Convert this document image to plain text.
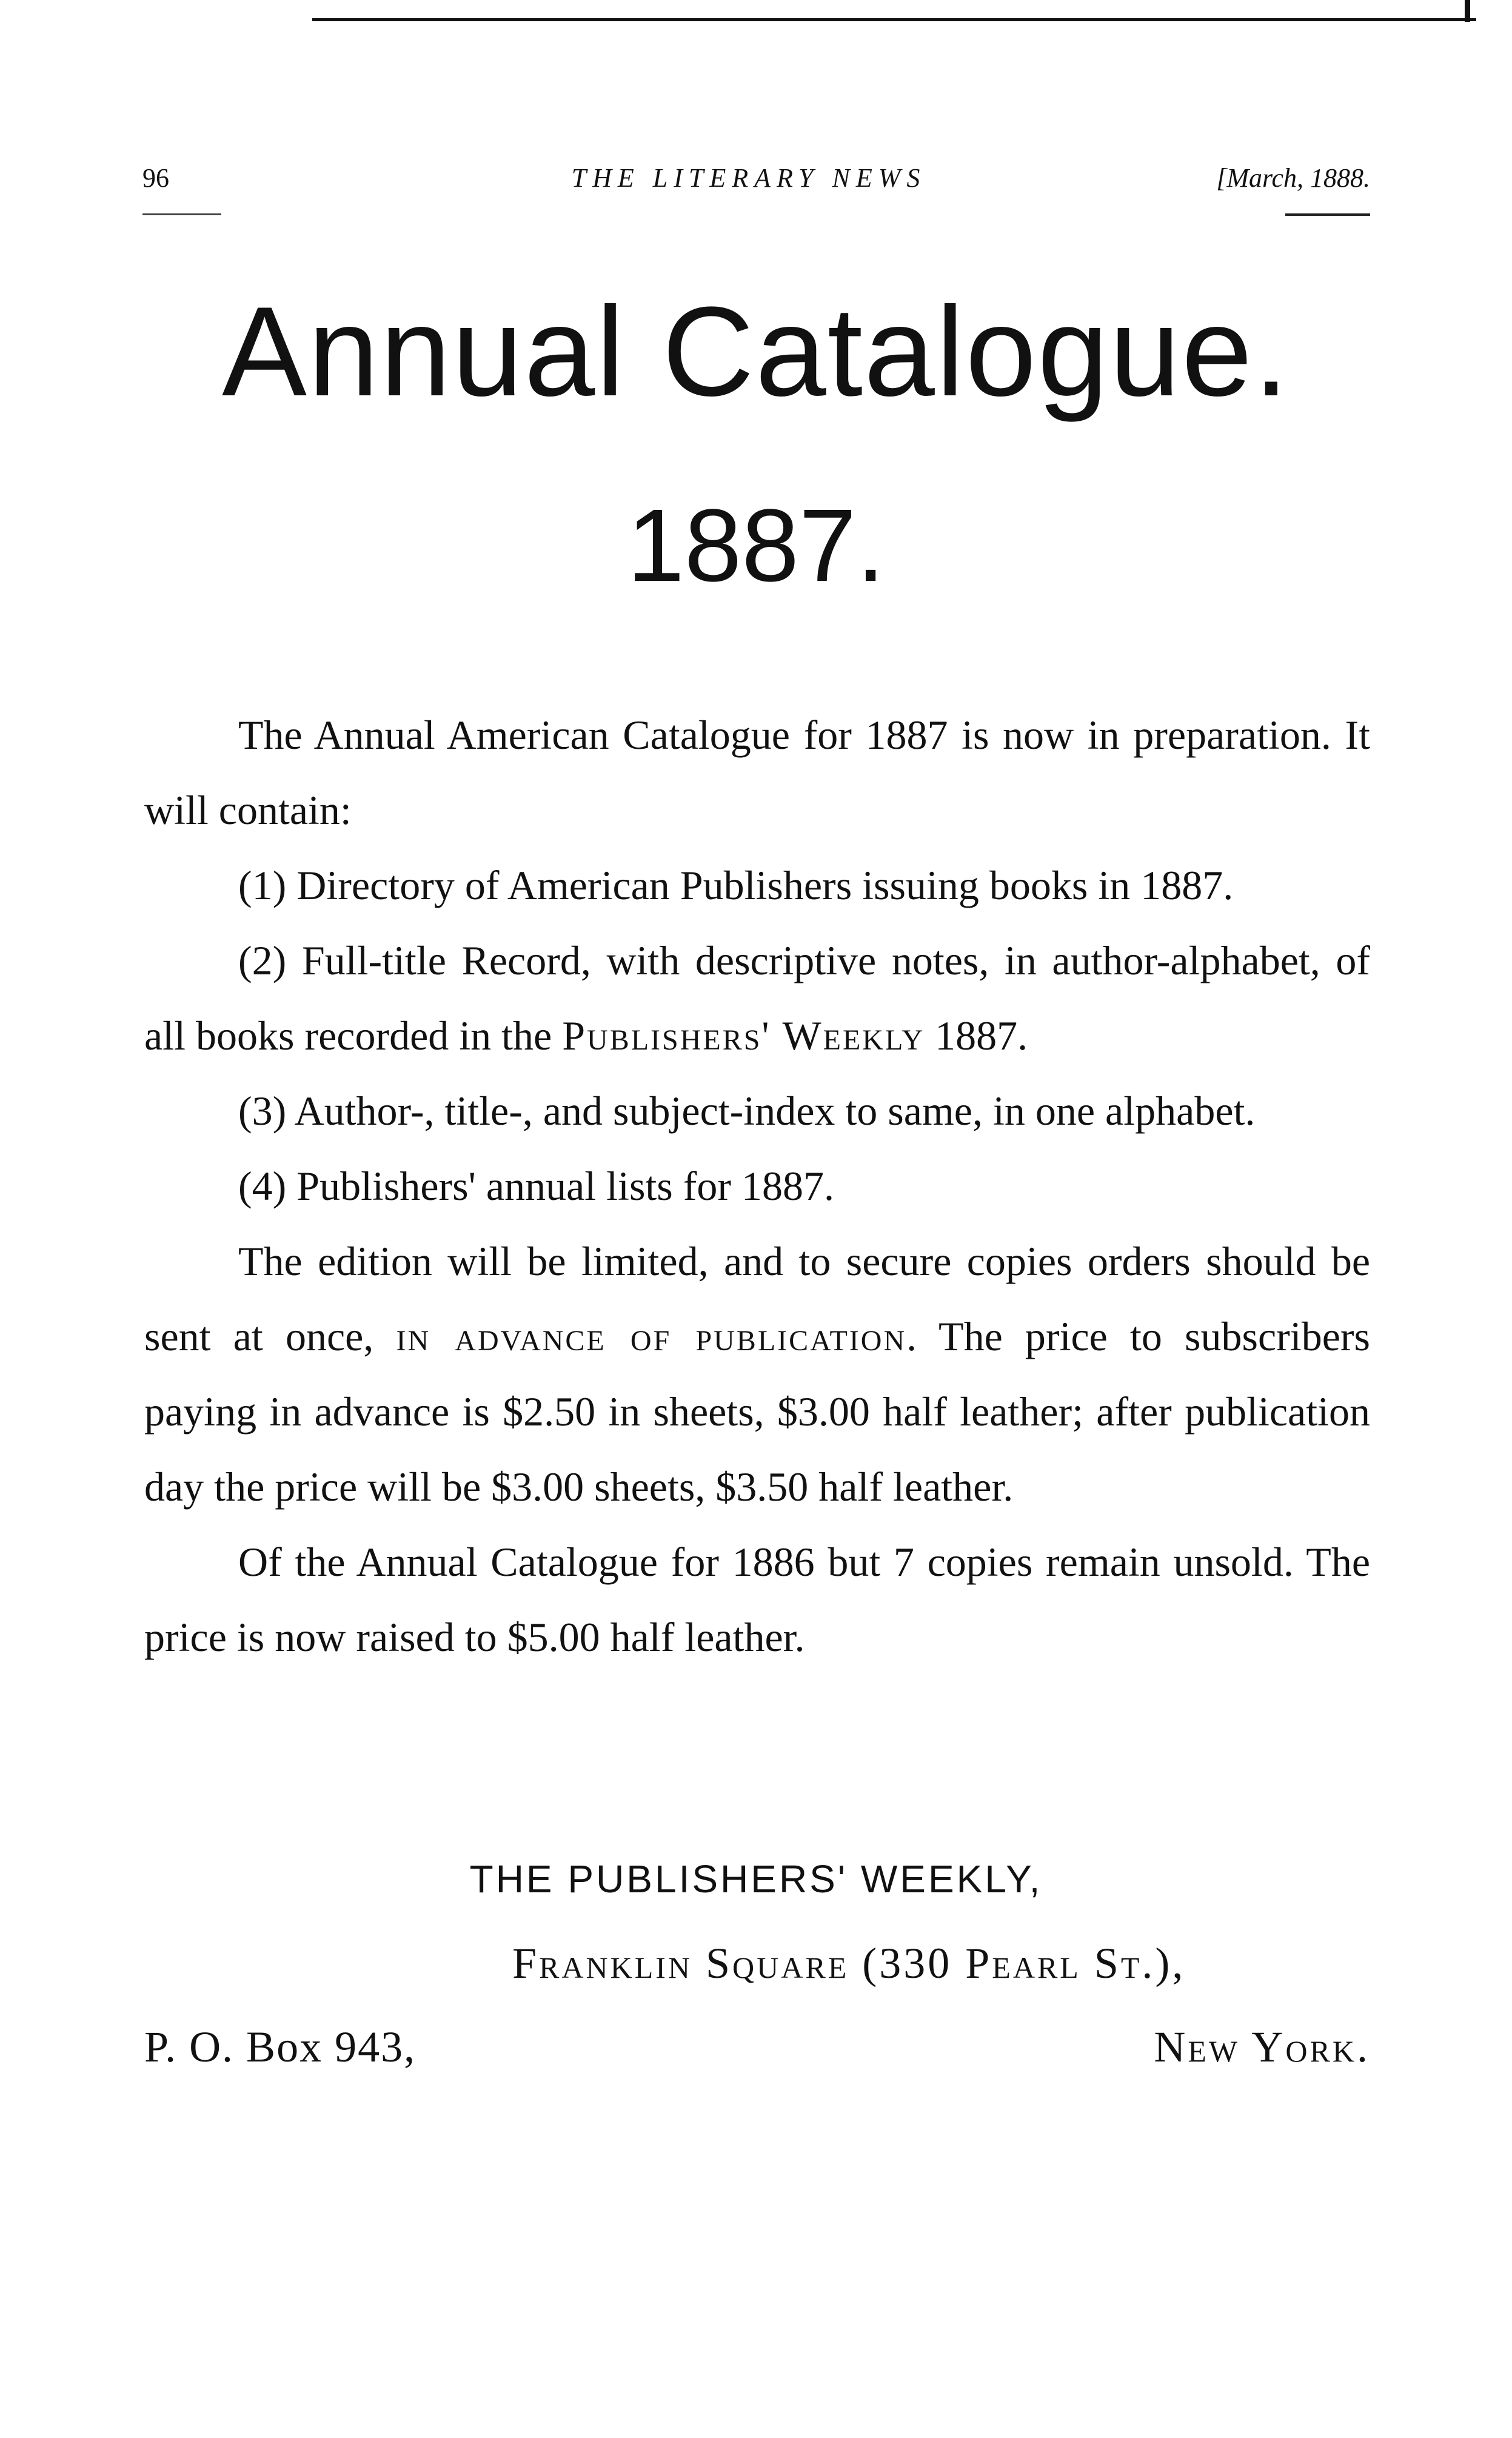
96	THE LITERARY NEWS	[March, 1888.
Annual Catalogue.
1887.

The Annual American Catalogue for 1887 is now in preparation. It will contain:

(1) Directory of American Publishers issuing books in 1887.

(2) Full-title Record, with descriptive notes, in author-alphabet, of all books recorded in the Publishers' Weekly 1887.

(3) Author-, title-, and subject-index to same, in one alphabet.

(4) Publishers' annual lists for 1887.

The edition will be limited, and to secure copies orders should be sent at once, in advance of publication. The price to subscribers paying in advance is $2.50 in sheets, $3.00 half leather; after publication day the price will be $3.00 sheets, $3.50 half leather.

Of the Annual Catalogue for 1886 but 7 copies remain unsold. The price is now raised to $5.00 half leather.

THE PUBLISHERS' WEEKLY,
Franklin Square (330 Pearl St.),
P. O. Box 943,	New York.
